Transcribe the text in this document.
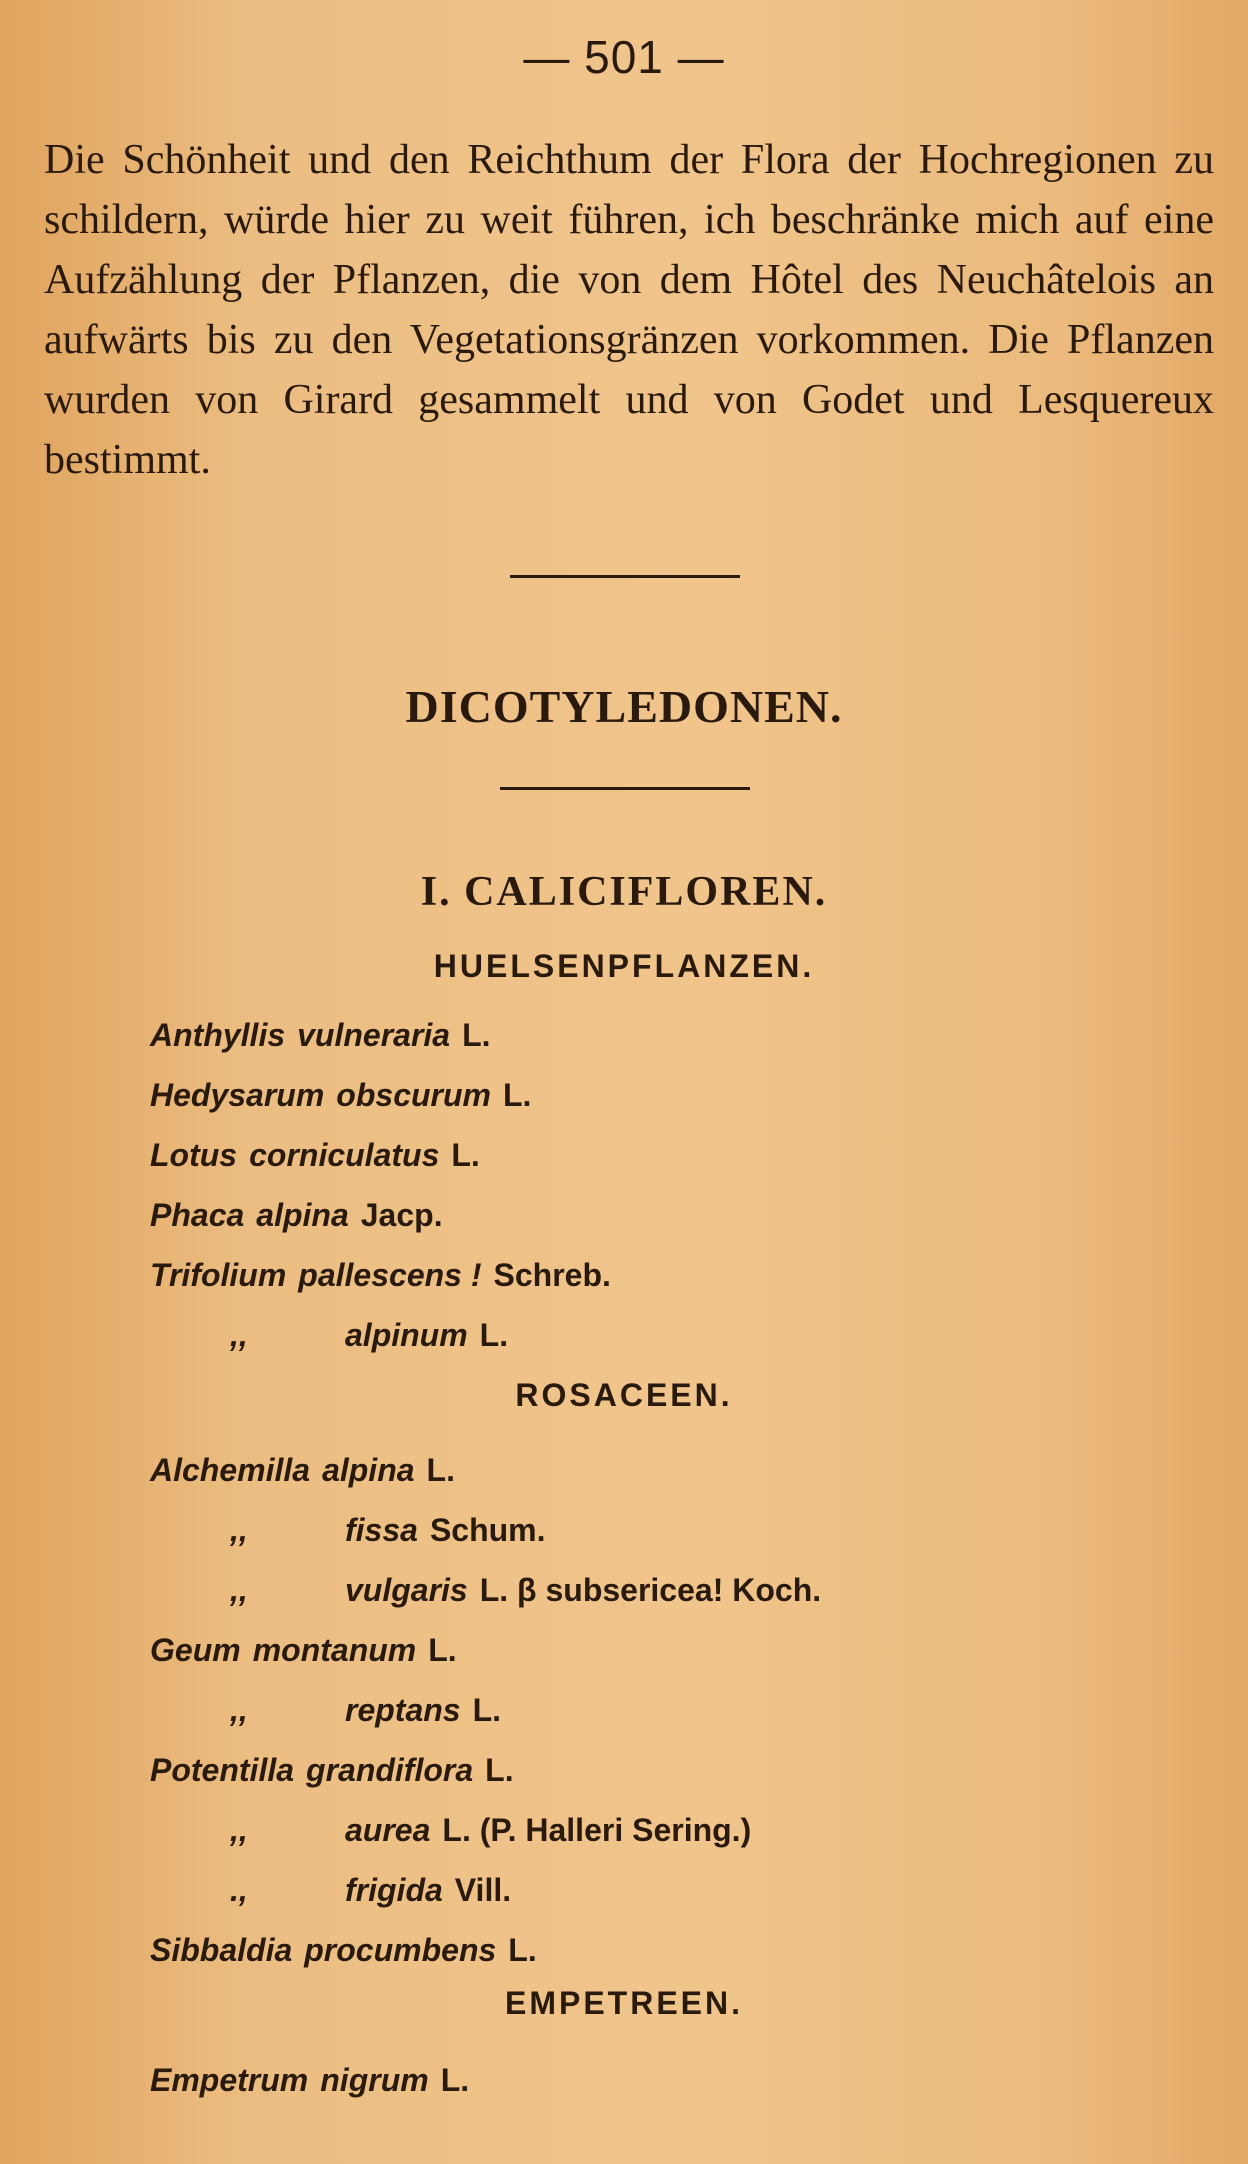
— 501 —

Die Schönheit und den Reichthum der Flora der Hochregionen zu schildern, würde hier zu weit führen, ich beschränke mich auf eine Aufzählung der Pflanzen, die von dem Hôtel des Neuchâtelois an aufwärts bis zu den Vegetationsgränzen vorkommen. Die Pflanzen wurden von Girard gesammelt und von Godet und Lesquereux bestimmt.

DICOTYLEDONEN.
I. CALICIFLOREN.
HUELSENPFLANZEN.
Anthyllis vulneraria L.
Hedysarum obscurum L.
Lotus corniculatus L.
Phaca alpina Jacp.
Trifolium pallescens ! Schreb.
,,	alpinum L.
ROSACEEN.
Alchemilla alpina L.
,,	fissa Schum.
,,	vulgaris L. β subsericea! Koch.
Geum montanum L.
,,	reptans L.
Potentilla grandiflora L.
,,	aurea L. (P. Halleri Sering.)
.,	frigida Vill.
Sibbaldia procumbens L.
EMPETREEN.
Empetrum nigrum L.
